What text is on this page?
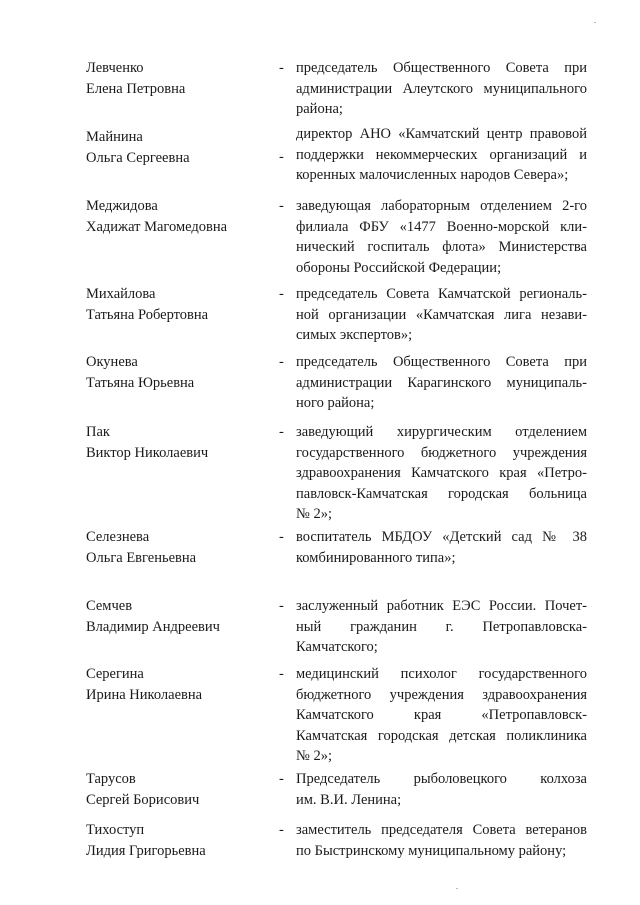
Левченко
Елена Петровна
- председатель Общественного Совета при
администрации Алеутского муниципального
района;
Майнина
Ольга Сергеевна	-
директор АНО «Камчатский центр правовой
поддержки некоммерческих организаций и
коренных малочисленных народов Севера»;
Меджидова
Хадижат Магомедовна
- заведующая лабораторным отделением 2-го
филиала ФБУ «1477 Военно-морской кли-
нический госпиталь флота» Министерства
обороны Российской Федерации;
Михайлова
Татьяна Робертовна
- председатель Совета Камчатской региональ-
ной организации «Камчатская лига незави-
симых экспертов»;
Окунева
Татьяна Юрьевна
- председатель Общественного Совета при
администрации Карагинского муниципаль-
ного района;
Пак
Виктор Николаевич
- заведующий хирургическим отделением
государственного бюджетного учреждения
здравоохранения Камчатского края «Петро-
павловск-Камчатская городская больница
№ 2»;
Селезнева
Ольга Евгеньевна
- воспитатель МБДОУ «Детский сад № 38
комбинированного типа»;
Семчев
Владимир Андреевич
- заслуженный работник ЕЭС России. Почет-
ный гражданин г. Петропавловска-
Камчатского;
Серегина
Ирина Николаевна
- медицинский психолог государственного
бюджетного учреждения здравоохранения
Камчатского края «Петропавловск-
Камчатская городская детская поликлиника
№ 2»;
Тарусов
Сергей Борисович
- Председатель рыболовецкого колхоза
им. В.И. Ленина;
Тихоступ
Лидия Григорьевна
- заместитель председателя Совета ветеранов
по Быстринскому муниципальному району;
